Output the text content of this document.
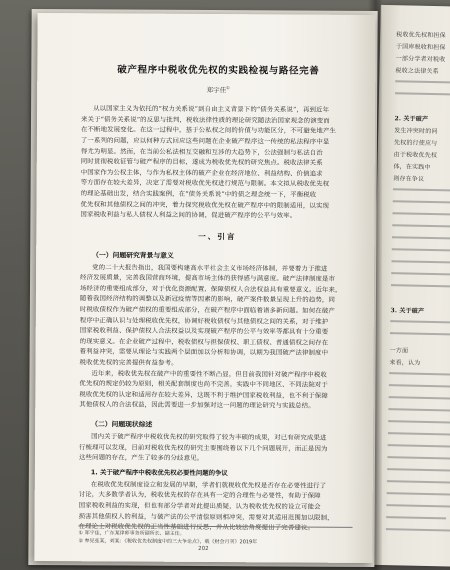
税收优先权和担保
于国库税收和担保
一部分学者对税收
税收之法律关系
2. 关于破产
发生冲突时的问
先权的行使应与
由于税收优先权
体，在实践中
则存在争议
3. 关于破产
一方面
来看，认为
破产程序中税收优先权的实践检视与路径完善
郑宇佳①
从以国家主义为依托的“权力关系说”到自由主义背景下的“债务关系说”，再到近年
来关于“债务关系说”的反思与批判，税收法律性质的理论研究随法治国家观念的演变而
在不断地发展变化。在这一过程中，基于公私权之间的价值与功能区分，不可避免地产生
了一系列的问题，应以何种方式回应这些问题在企业破产程序这一传统的私法程序中显
得尤为明显。然而，在当前公私法相互交融和互涉的大趋势下，公法强制与私法自治
同时贯彻税收征管与破产程序的目标，遂成为税收优先权的研究焦点。税收法律关系
中国家作为公权主体，与作为私权主体的破产企业在经济地位、利益结构、价值追求
等方面存在较大差异，决定了需要对税收优先权进行规范与限制。本文拟从税收优先权
的理论基础出发，结合实践案例，在“债务关系说”中的债之理念统一下，平衡税收
优先权和其他债权之间的冲突，着力探究税收优先权在破产程序中的限制适用，以实现
国家税收利益与私人债权人利益之间的协调，促进破产程序的公平与效率。
一、引言
（一）问题研究背景与意义
党的二十大报告指出，我国要构建高水平社会主义市场经济体制，并要着力于推进
经济发展质量，完善我国营商环境，提高市场主体的获得感与满意度。破产法律制度是市
场经济的重要组成部分，对于优化资源配置、保障债权人合法权益具有重要意义。近年来，
随着我国经济结构的调整以及新冠疫情等因素的影响，破产案件数量呈现上升的趋势，同
时税收债权作为破产债权的重要组成部分，在破产程序中面临着诸多新问题。如何在破产
程序中正确认识与处理税收优先权，协调好税收债权与其他债权之间的关系，对于维护
国家税收利益、保护债权人合法权益以及实现破产程序的公平与效率等都具有十分重要
的现实意义。在企业破产过程中，税收债权与担保债权、职工债权、普通债权之间存在
着利益冲突，需要从理论与实践两个层面加以分析和协调，以期为我国破产法律制度中
税收优先权的完善提供有益参考。
近年来，税收优先权在破产中的重要性不断凸显，但目前我国针对破产程序中税收
优先权的规定仍较为原则，相关配套制度也尚不完善，实践中不同地区、不同法院对于
税收优先权的认定和适用存在较大差异，这既不利于维护国家税收利益，也不利于保障
其他债权人的合法权益，因此需要进一步加强对这一问题的理论研究与实践总结。
（二）问题现状综述
国内关于破产程序中税收优先权的研究取得了较为丰硕的成果，对已有研究成果进
行梳理可以发现，目前对税收优先权的研究主要围绕着以下几个问题展开，而正是因为
这些问题的存在，产生了较多的分歧意见。
1. 关于破产程序中税收优先权必要性问题的争议
在税收优先权制度设立和发展的早期，学者们就税收优先权是否存在必要性进行了
讨论，大多数学者认为，税收优先权的存在具有一定的合理性与必要性，有助于保障
国家税收利益的实现，但也有部分学者对此提出质疑，认为税收优先权的设立可能会
损害其他债权人的利益，与破产法的公平清偿原则相冲突，需要对其适用范围加以限制，
在理论上对税收优先权的正当性基础进行反思，并从比较法角度提出了完善建议。
① 郑宇佳，广东某律师事务所副所长、副主任。
② 参见张某，刘某：《税收优先权制度中的三大争论点》，载《财会月刊》2019年
202
